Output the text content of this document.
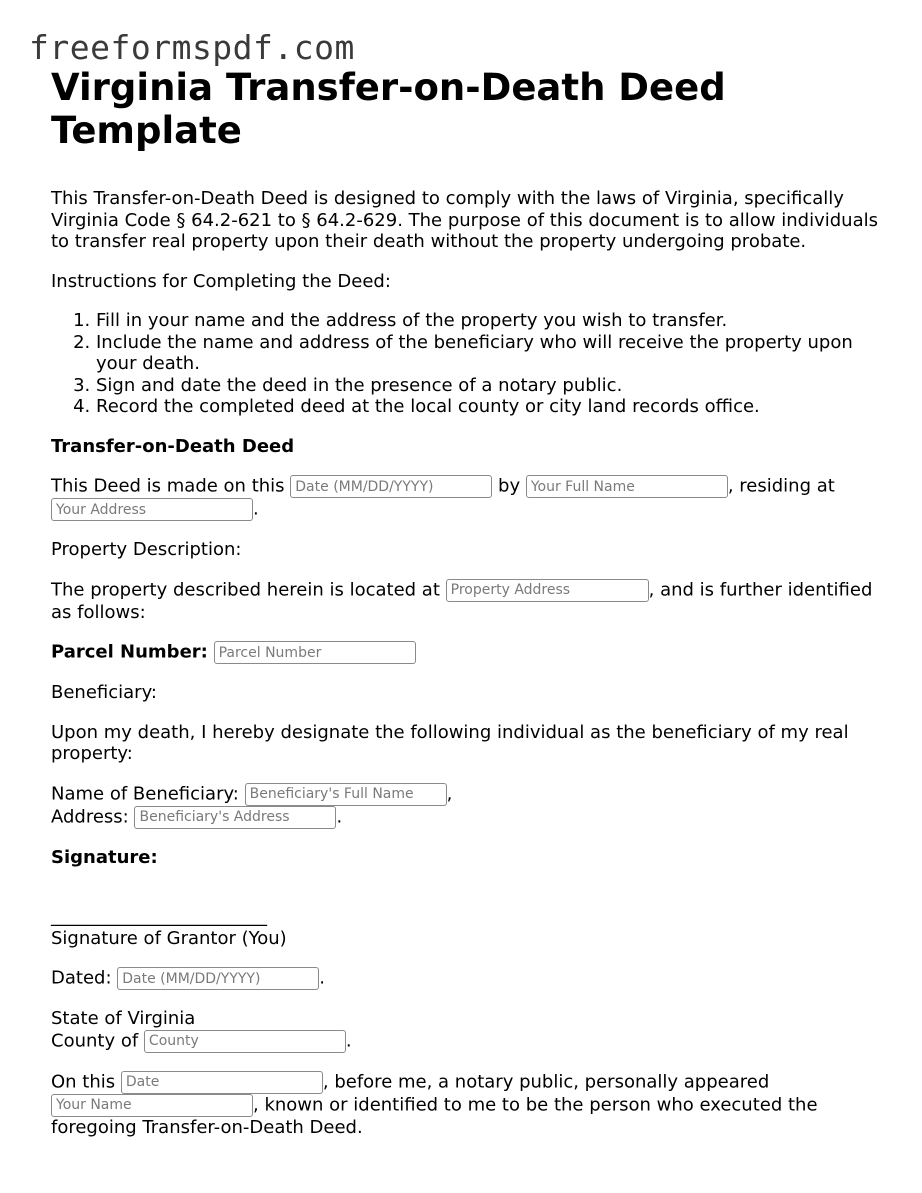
freeformspdf.com
Virginia Transfer-on-Death Deed Template

This Transfer-on-Death Deed is designed to comply with the laws of Virginia, specifically Virginia Code § 64.2-621 to § 64.2-629. The purpose of this document is to allow individuals to transfer real property upon their death without the property undergoing probate.

Instructions for Completing the Deed:

1. Fill in your name and the address of the property you wish to transfer.
2. Include the name and address of the beneficiary who will receive the property upon your death.
3. Sign and date the deed in the presence of a notary public.
4. Record the completed deed at the local county or city land records office.

Transfer-on-Death Deed

This Deed is made on this Date (MM/DD/YYYY)	by Your Full Name	, residing at Your Address.

Property Description:

The property described herein is located at Property Address	, and is further identified as follows:

Parcel Number: Parcel Number

Beneficiary:

Upon my death, I hereby designate the following individual as the beneficiary of my real property:

Name of Beneficiary: Beneficiary's Full Name	,
Address: Beneficiary's Address	.

Signature:

________________________
Signature of Grantor (You)

Dated: Date (MM/DD/YYYY)	.

State of Virginia
County of County	.

On this Date	, before me, a notary public, personally appeared Your Name, known or identified to me to be the person who executed the foregoing Transfer-on-Death Deed.
